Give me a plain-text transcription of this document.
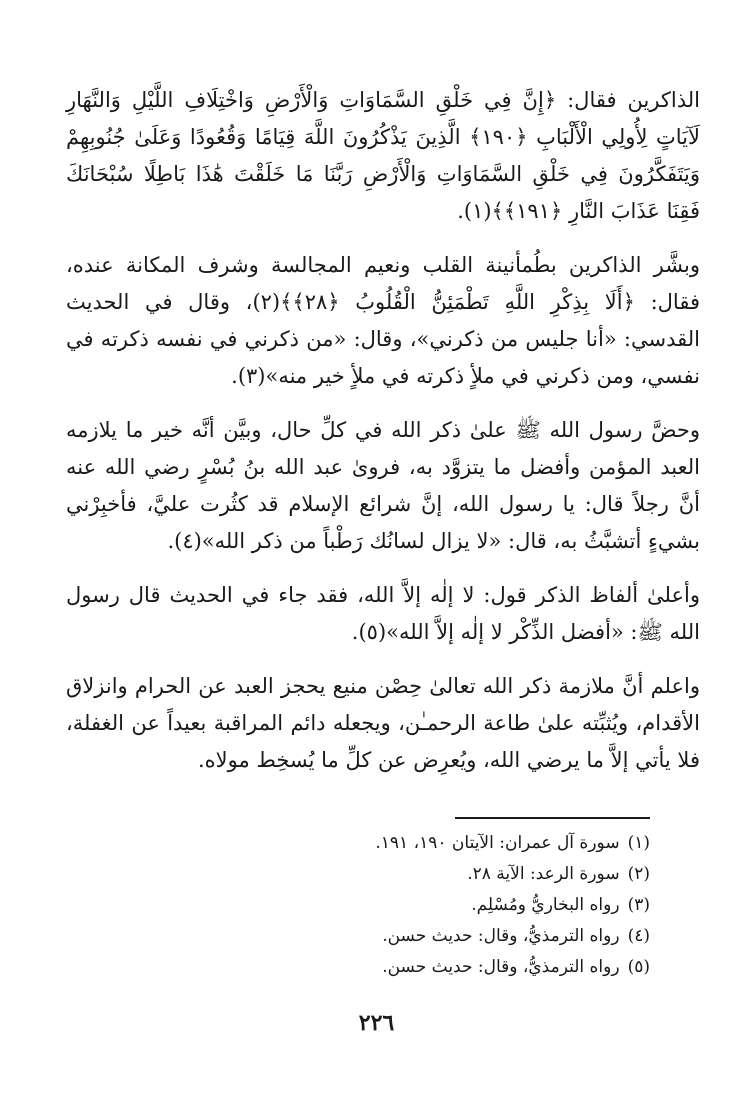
الذاكرين فقال: ﴿إِنَّ فِي خَلْقِ السَّمَاوَاتِ وَالْأَرْضِ وَاخْتِلَافِ اللَّيْلِ وَالنَّهَارِ لَآيَاتٍ لِأُولِي الْأَلْبَابِ ﴿١٩٠﴾ الَّذِينَ يَذْكُرُونَ اللَّهَ قِيَامًا وَقُعُودًا وَعَلَىٰ جُنُوبِهِمْ وَيَتَفَكَّرُونَ فِي خَلْقِ السَّمَاوَاتِ وَالْأَرْضِ رَبَّنَا مَا خَلَقْتَ هَٰذَا بَاطِلًا سُبْحَانَكَ فَقِنَا عَذَابَ النَّارِ ﴿١٩١﴾﴾(١).

وبشَّر الذاكرين بطُمأنينة القلب ونعيم المجالسة وشرف المكانة عنده، فقال: ﴿أَلَا بِذِكْرِ اللَّهِ تَطْمَئِنُّ الْقُلُوبُ ﴿٢٨﴾﴾(٢)، وقال في الحديث القدسي: «أنا جليس من ذكرني»، وقال: «من ذكرني في نفسه ذكرته في نفسي، ومن ذكرني في ملأٍ ذكرته في ملأٍ خير منه»(٣).

وحضَّ رسول الله ﷺ علىٰ ذكر الله في كلِّ حال، وبيَّن أنَّه خير ما يلازمه العبد المؤمن وأفضل ما يتزوَّد به، فروىٰ عبد الله بنُ بُسْرٍ رضي الله عنه أنَّ رجلاً قال: يا رسول الله، إنَّ شرائع الإسلام قد كثُرت عليَّ، فأخبِرْني بشيءٍ أتشبَّثُ به، قال: «لا يزال لسانُك رَطْباً من ذكر الله»(٤).

وأعلىٰ ألفاظ الذكر قول: لا إلٰه إلاَّ الله، فقد جاء في الحديث قال رسول الله ﷺ: «أفضل الذِّكْر لا إلٰه إلاَّ الله»(٥).

واعلم أنَّ ملازمة ذكر الله تعالىٰ حِصْن منيع يحجز العبد عن الحرام وانزلاق الأقدام، ويُثبِّته علىٰ طاعة الرحمـٰن، ويجعله دائم المراقبة بعيداً عن الغفلة، فلا يأتي إلاَّ ما يرضي الله، ويُعرِض عن كلِّ ما يُسخِط مولاه.

(١)سورة آل عمران: الآيتان ١٩٠، ١٩١.
(٢)سورة الرعد: الآية ٢٨.
(٣)رواه البخاريُّ ومُسْلِم.
(٤)رواه الترمذيُّ، وقال: حديث حسن.
(٥)رواه الترمذيُّ، وقال: حديث حسن.
٢٢٦
